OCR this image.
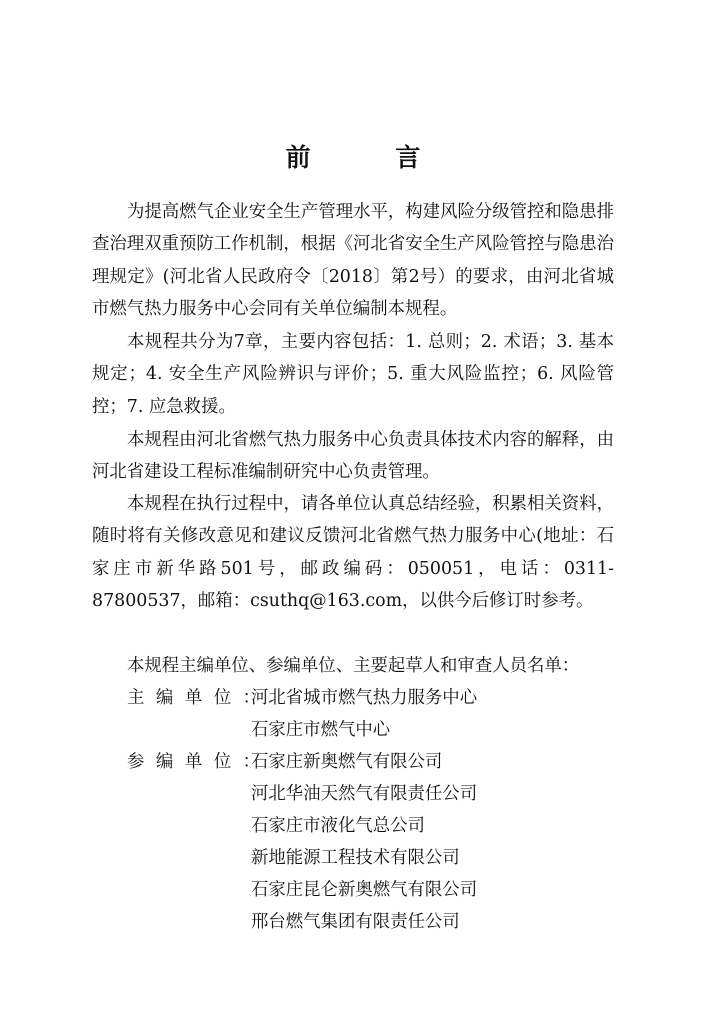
前 言

为提高燃气企业安全生产管理水平，构建风险分级管控和隐患排查治理双重预防工作机制，根据《河北省安全生产风险管控与隐患治理规定》(河北省人民政府令〔2018〕第2号）的要求，由河北省城市燃气热力服务中心会同有关单位编制本规程。

本规程共分为7章，主要内容包括：1. 总则；2. 术语；3. 基本规定；4. 安全生产风险辨识与评价；5. 重大风险监控；6. 风险管控；7. 应急救援。

本规程由河北省燃气热力服务中心负责具体技术内容的解释，由河北省建设工程标准编制研究中心负责管理。

本规程在执行过程中，请各单位认真总结经验，积累相关资料，随时将有关修改意见和建议反馈河北省燃气热力服务中心(地址：石家庄市新华路501号，邮政编码：050051，电话：0311-87800537，邮箱：csuthq@163.com，以供今后修订时参考。

本规程主编单位、参编单位、主要起草人和审查人员名单：

主 编 单 位 ：河北省城市燃气热力服务中心
石家庄市燃气中心
参 编 单 位 ：石家庄新奥燃气有限公司
河北华油天然气有限责任公司
石家庄市液化气总公司
新地能源工程技术有限公司
石家庄昆仑新奥燃气有限公司
邢台燃气集团有限责任公司
